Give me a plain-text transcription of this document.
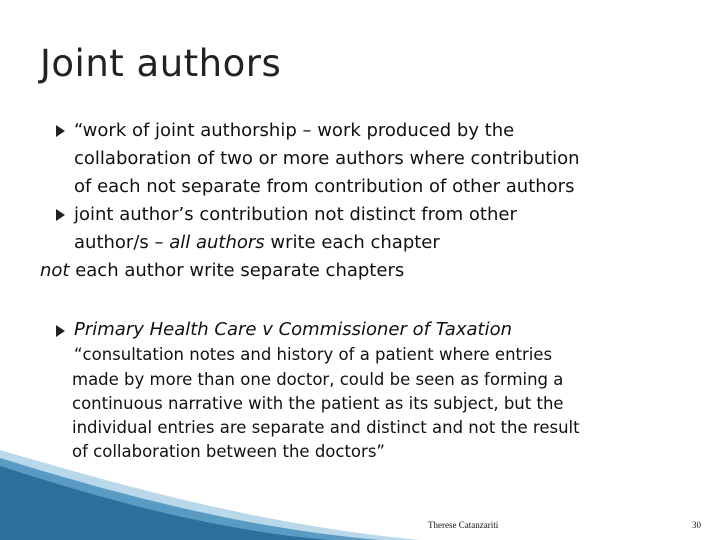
Joint authors
“work of joint authorship – work produced by the
collaboration of two or more authors where contribution
of each not separate from contribution of other authors
joint author’s contribution not distinct from other
author/s – all authors write each chapter
not each author write separate chapters
Primary Health Care v Commissioner of Taxation
“consultation notes and history of a patient where entries
made by more than one doctor, could be seen as forming a
continuous narrative with the patient as its subject, but the
individual entries are separate and distinct and not the result
of collaboration between the doctors”
Therese Catanzariti	30
